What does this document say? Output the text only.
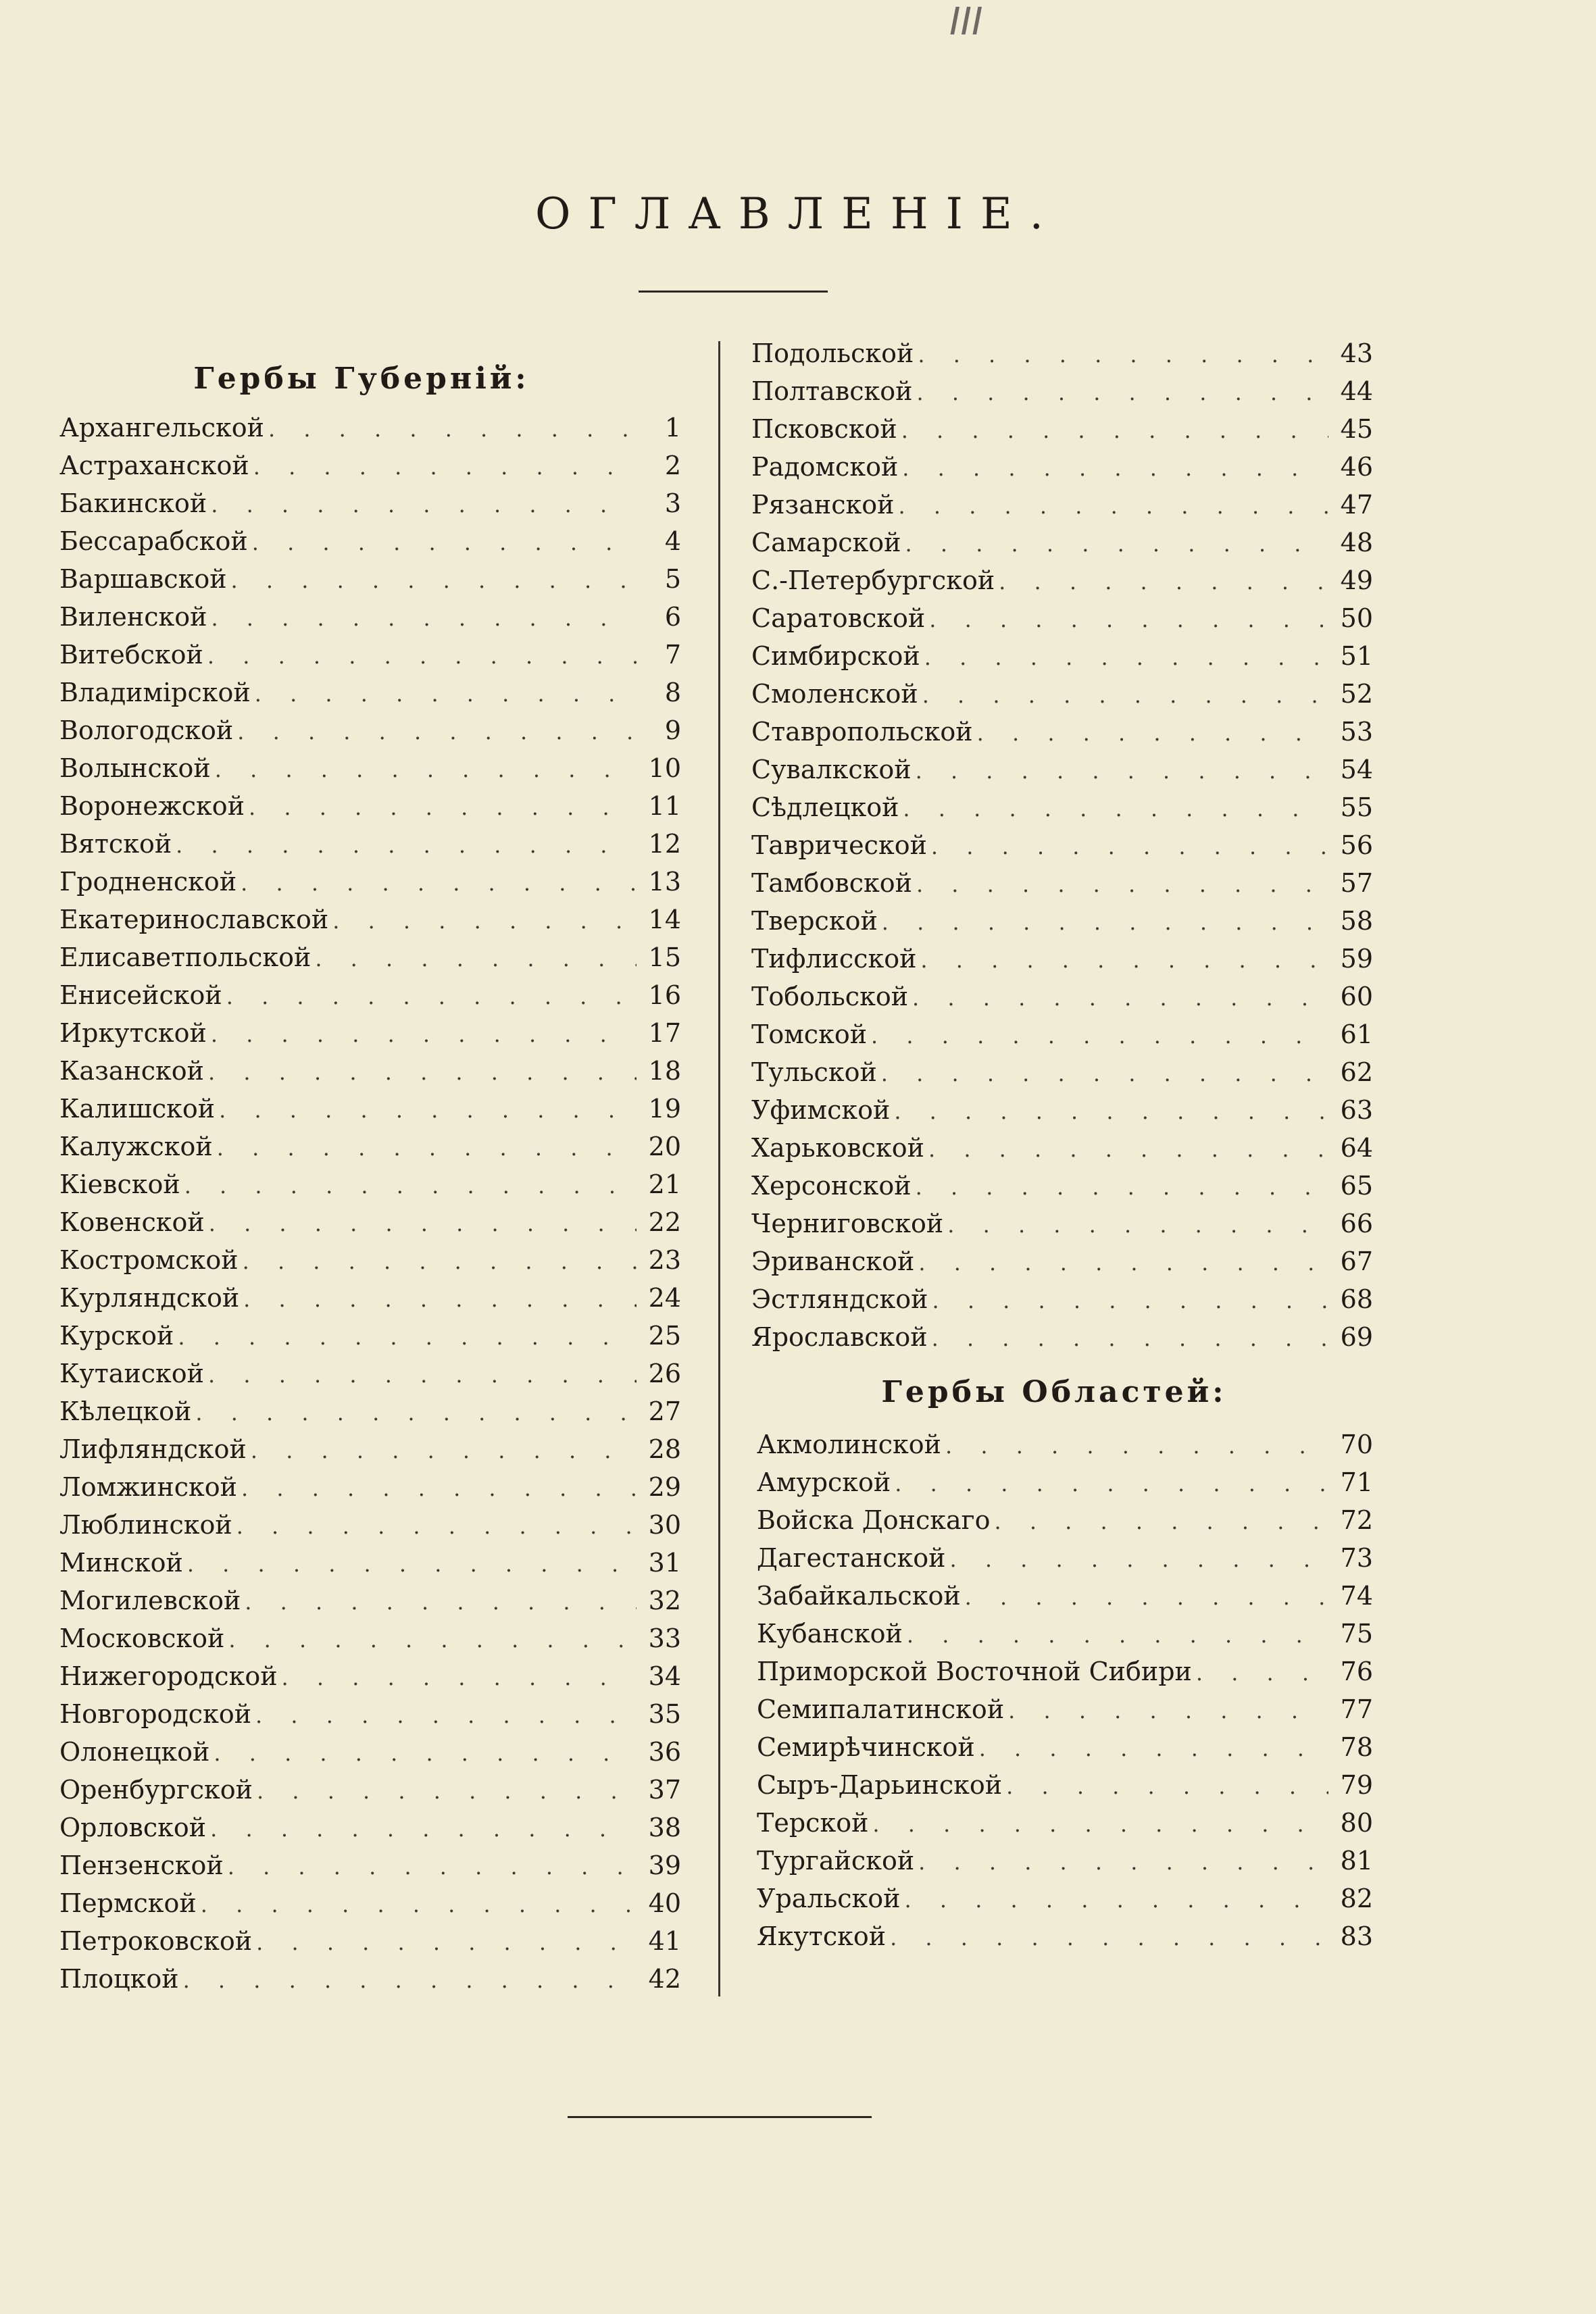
III
ОГЛАВЛЕНІЕ.
Гербы Губерній:
Архангельской . . .	1
Астраханской . . .	2
Бакинской . . .	3
Бессарабской . . .	4
Варшавской . . .	5
Виленской . . .	6
Витебской . . .	7
Владимірской . . .	8
Вологодской . . .	9
Волынской . . .	10
Воронежской . . .	11
Вятской . . .	12
Гродненской . . .	13
Екатеринославской . . .	14
Елисаветпольской . . .	15
Енисейской . . .	16
Иркутской . . .	17
Казанской . . .	18
Калишской . . .	19
Калужской . . .	20
Кіевской . . .	21
Ковенской . . .	22
Костромской . . .	23
Курляндской . . .	24
Курской . . .	25
Кутаиской . . .	26
Кѣлецкой . . .	27
Лифляндской . . .	28
Ломжинской . . .	29
Люблинской . . .	30
Минской . . .	31
Могилевской . . .	32
Московской . . .	33
Нижегородской . . .	34
Новгородской . . .	35
Олонецкой . . .	36
Оренбургской . . .	37
Орловской . . .	38
Пензенской . . .	39
Пермской . . .	40
Петроковской . . .	41
Плоцкой . . .	42
Подольской . . .	43
Полтавской . . .	44
Псковской . . .	45
Радомской . . .	46
Рязанской . . .	47
Самарской . . .	48
С.-Петербургской . . .	49
Саратовской . . .	50
Симбирской . . .	51
Смоленской . . .	52
Ставропольской . . .	53
Сувалкской . . .	54
Сѣдлецкой . . .	55
Таврической . . .	56
Тамбовской . . .	57
Тверской . . .	58
Тифлисской . . .	59
Тобольской . . .	60
Томской . . .	61
Тульской . . .	62
Уфимской . . .	63
Харьковской . . .	64
Херсонской . . .	65
Черниговской . . .	66
Эриванской . . .	67
Эстляндской . . .	68
Ярославской . . .	69
Гербы Областей:
Акмолинской . . .	70
Амурской . . .	71
Войска Донскаго . . .	72
Дагестанской . . .	73
Забайкальской . . .	74
Кубанской . . .	75
Приморской Восточной Сибири . . .	76
Семипалатинской . . .	77
Семирѣчинской . . .	78
Сыръ-Дарьинской . . .	79
Терской . . .	80
Тургайской . . .	81
Уральской . . .	82
Якутской . . .	83
